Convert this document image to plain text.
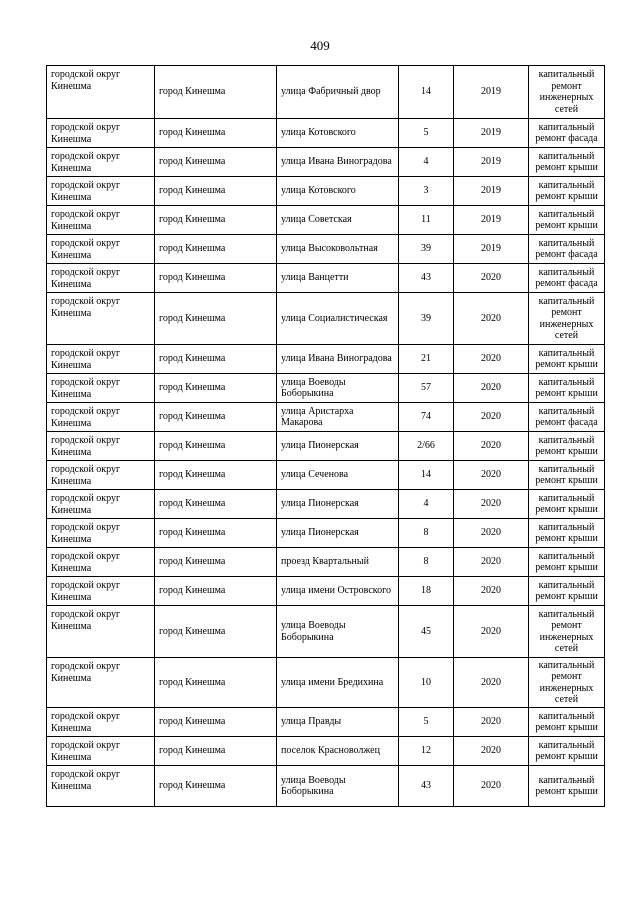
409
городской округ Кинешма	город Кинешма	улица Фабричный двор	14	2019	капитальный ремонт инженерных сетей
городской округ Кинешма	город Кинешма	улица Котовского	5	2019	капитальный ремонт фасада
городской округ Кинешма	город Кинешма	улица Ивана Виноградова	4	2019	капитальный ремонт крыши
городской округ Кинешма	город Кинешма	улица Котовского	3	2019	капитальный ремонт крыши
городской округ Кинешма	город Кинешма	улица Советская	11	2019	капитальный ремонт крыши
городской округ Кинешма	город Кинешма	улица Высоковольтная	39	2019	капитальный ремонт фасада
городской округ Кинешма	город Кинешма	улица Ванцетти	43	2020	капитальный ремонт фасада
городской округ Кинешма	город Кинешма	улица Социалистическая	39	2020	капитальный ремонт инженерных сетей
городской округ Кинешма	город Кинешма	улица Ивана Виноградова	21	2020	капитальный ремонт крыши
городской округ Кинешма	город Кинешма	улица Воеводы Боборыкина	57	2020	капитальный ремонт крыши
городской округ Кинешма	город Кинешма	улица Аристарха Макарова	74	2020	капитальный ремонт фасада
городской округ Кинешма	город Кинешма	улица Пионерская	2/66	2020	капитальный ремонт крыши
городской округ Кинешма	город Кинешма	улица Сеченова	14	2020	капитальный ремонт крыши
городской округ Кинешма	город Кинешма	улица Пионерская	4	2020	капитальный ремонт крыши
городской округ Кинешма	город Кинешма	улица Пионерская	8	2020	капитальный ремонт крыши
городской округ Кинешма	город Кинешма	проезд Квартальный	8	2020	капитальный ремонт крыши
городской округ Кинешма	город Кинешма	улица имени Островского	18	2020	капитальный ремонт крыши
городской округ Кинешма	город Кинешма	улица Воеводы Боборыкина	45	2020	капитальный ремонт инженерных сетей
городской округ Кинешма	город Кинешма	улица имени Бредихина	10	2020	капитальный ремонт инженерных сетей
городской округ Кинешма	город Кинешма	улица Правды	5	2020	капитальный ремонт крыши
городской округ Кинешма	город Кинешма	поселок Красноволжец	12	2020	капитальный ремонт крыши
городской округ Кинешма	город Кинешма	улица Воеводы Боборыкина	43	2020	капитальный ремонт крыши
